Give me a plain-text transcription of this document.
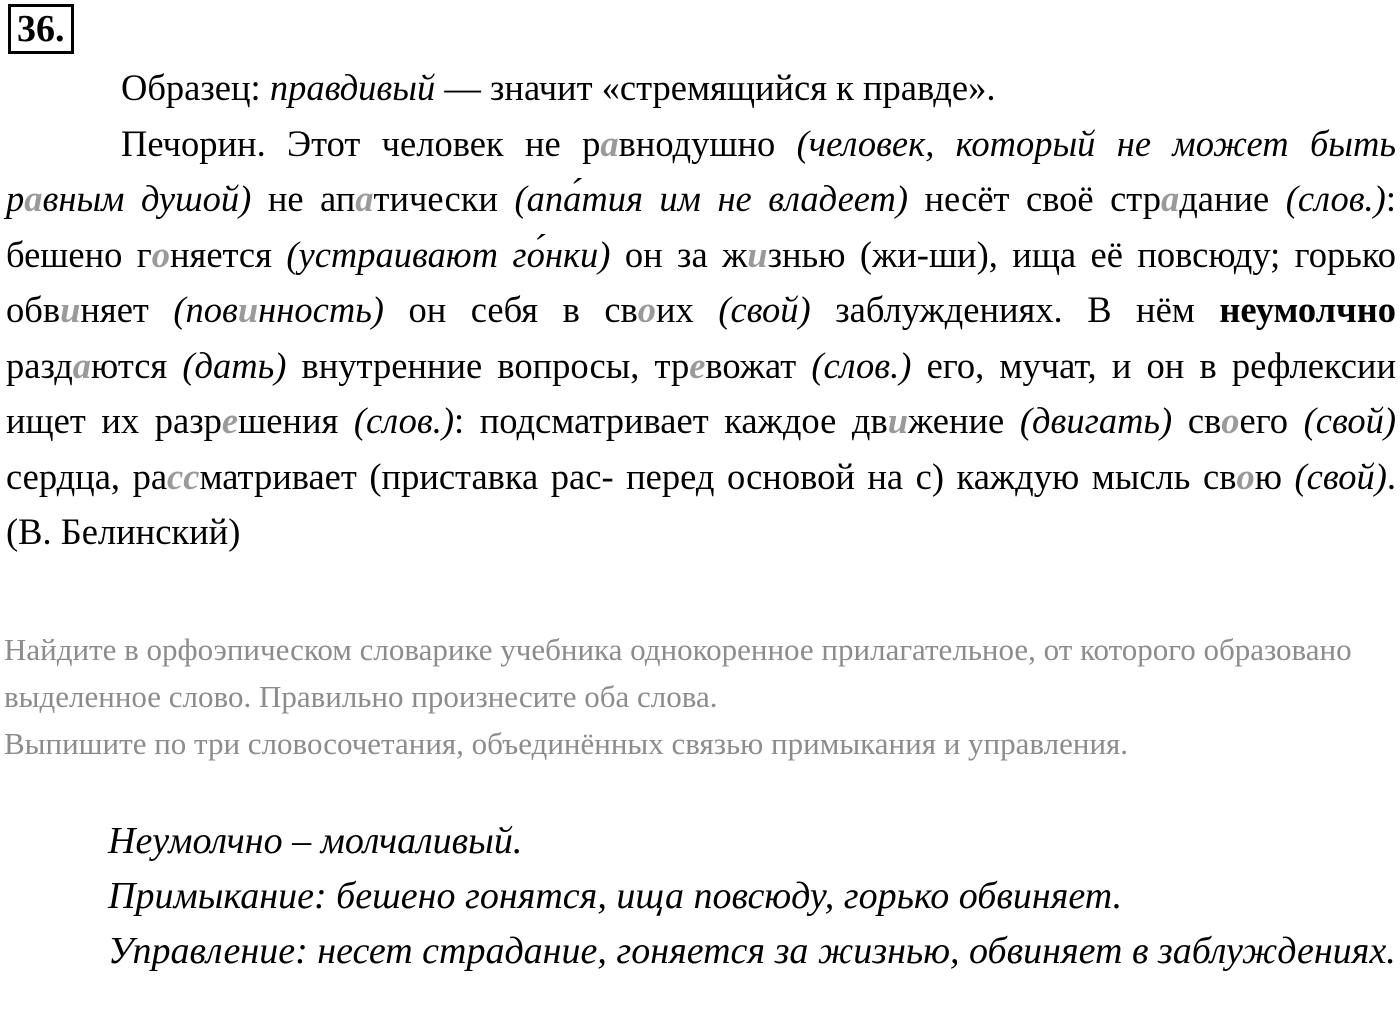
36.

Образец: правдивый — значит «стремящийся к правде».

Печорин. Этот человек не равнодушно (человек, который не может быть равным душой) не апатически (апа́тия им не владеет) несёт своё страдание (слов.): бешено гоняется (устраивают го́нки) он за жизнью (жи-ши), ища её повсюду; горько обвиняет (повинность) он себя в своих (свой) заблуждениях. В нём неумолчно раздаются (дать) внутренние вопросы, тревожат (слов.) его, мучат, и он в рефлексии ищет их разрешения (слов.): подсматривает каждое движение (двигать) своего (свой) сердца, рассматривает (приставка рас- перед основой на с) каждую мысль свою (свой). (В. Белинский)

Найдите в орфоэпическом словарике учебника однокоренное прилагательное, от которого образовано выделенное слово. Правильно произнесите оба слова.

Выпишите по три словосочетания, объединённых связью примыкания и управления.

Неумолчно – молчаливый.

Примыкание: бешено гонятся, ища повсюду, горько обвиняет.

Управление: несет страдание, гоняется за жизнью, обвиняет в заблуждениях.
